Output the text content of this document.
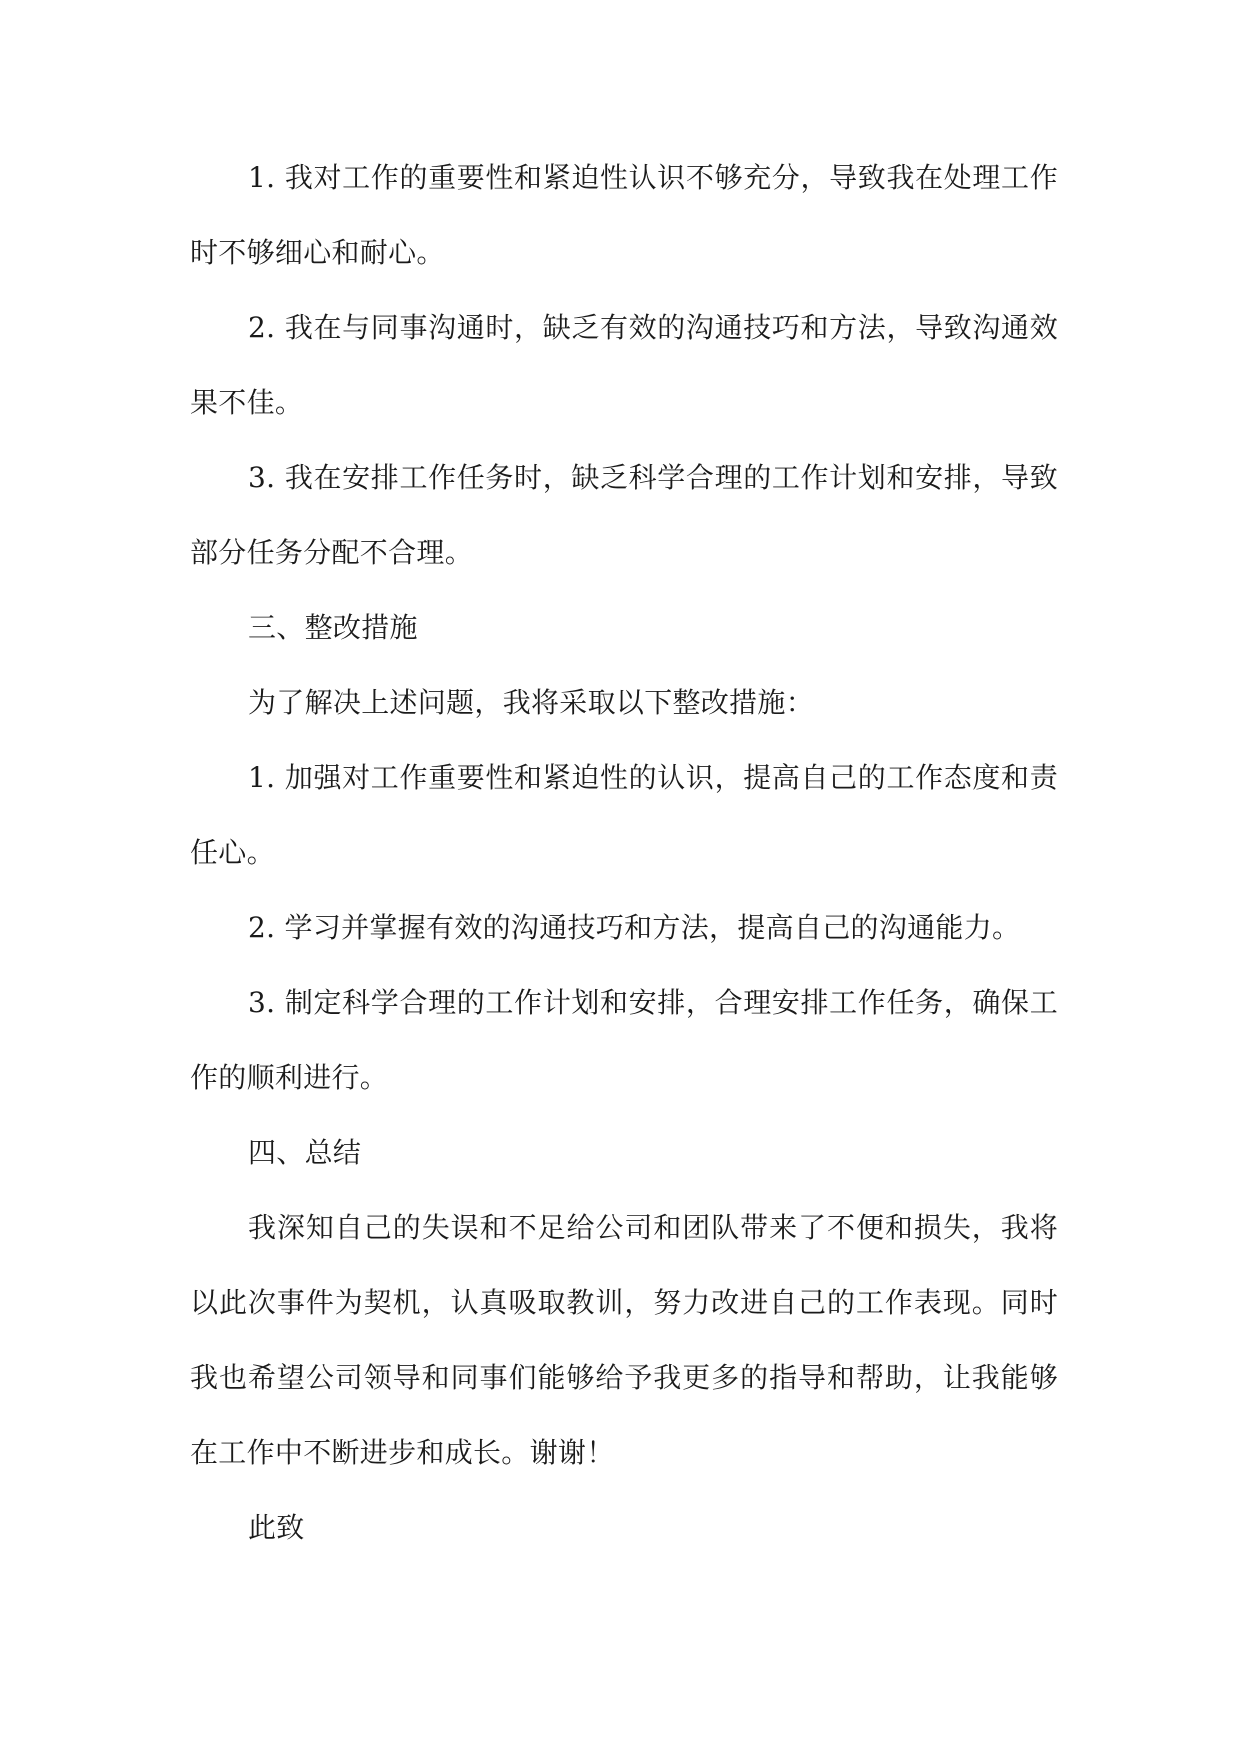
1. 我对工作的重要性和紧迫性认识不够充分，导致我在处理工作时不够细心和耐心。

2. 我在与同事沟通时，缺乏有效的沟通技巧和方法，导致沟通效果不佳。

3. 我在安排工作任务时，缺乏科学合理的工作计划和安排，导致部分任务分配不合理。

三、整改措施

为了解决上述问题，我将采取以下整改措施：

1. 加强对工作重要性和紧迫性的认识，提高自己的工作态度和责任心。

2. 学习并掌握有效的沟通技巧和方法，提高自己的沟通能力。

3. 制定科学合理的工作计划和安排，合理安排工作任务，确保工作的顺利进行。

四、总结

我深知自己的失误和不足给公司和团队带来了不便和损失，我将以此次事件为契机，认真吸取教训，努力改进自己的工作表现。同时我也希望公司领导和同事们能够给予我更多的指导和帮助，让我能够在工作中不断进步和成长。谢谢！

此致
